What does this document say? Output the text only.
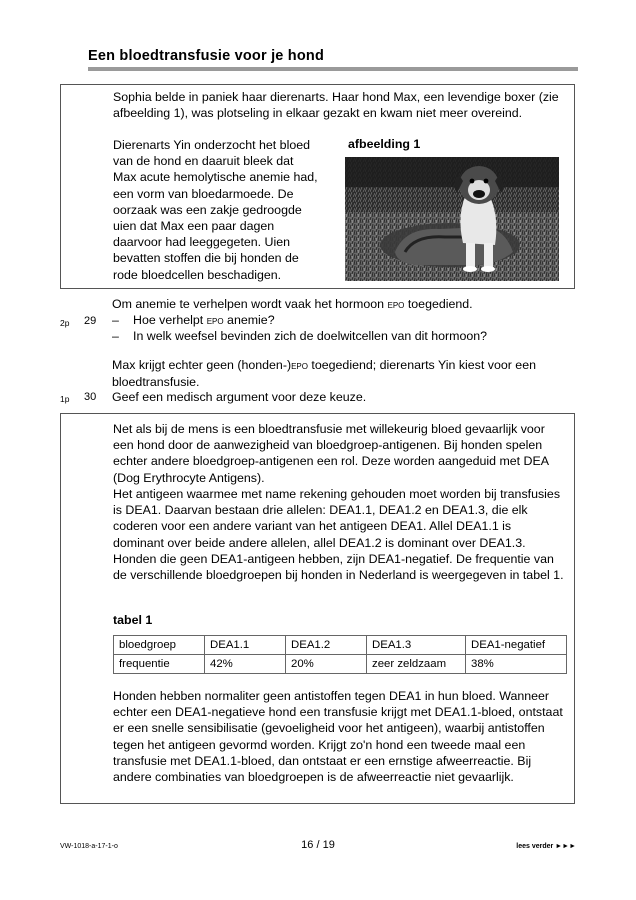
Een bloedtransfusie voor je hond

Sophia belde in paniek haar dierenarts. Haar hond Max, een levendige boxer (zie afbeelding 1), was plotseling in elkaar gezakt en kwam niet meer overeind.

Dierenarts Yin onderzocht het bloed
van de hond en daaruit bleek dat
Max acute hemolytische anemie had,
een vorm van bloedarmoede. De
oorzaak was een zakje gedroogde
uien dat Max een paar dagen
daarvoor had leeggegeten. Uien
bevatten stoffen die bij honden de
rode bloedcellen beschadigen.
afbeelding 1

Om anemie te verhelpen wordt vaak het hormoon epo toegediend.

2p 29 – Hoe verhelpt epo anemie?
– In welk weefsel bevinden zich de doelwitcellen van dit hormoon?

Max krijgt echter geen (honden-)epo toegediend; dierenarts Yin kiest voor een bloedtransfusie.

1p 30 Geef een medisch argument voor deze keuze.

Net als bij de mens is een bloedtransfusie met willekeurig bloed gevaarlijk voor een hond door de aanwezigheid van bloedgroep-antigenen. Bij honden spelen echter andere bloedgroep-antigenen een rol. Deze worden aangeduid met DEA (Dog Erythrocyte Antigens).

Het antigeen waarmee met name rekening gehouden moet worden bij transfusies is DEA1. Daarvan bestaan drie allelen: DEA1.1, DEA1.2 en DEA1.3, die elk coderen voor een andere variant van het antigeen DEA1. Allel DEA1.1 is dominant over beide andere allelen, allel DEA1.2 is dominant over DEA1.3. Honden die geen DEA1-antigeen hebben, zijn DEA1-negatief. De frequentie van de verschillende bloedgroepen bij honden in Nederland is weergegeven in tabel 1.

tabel 1
bloedgroep	DEA1.1	DEA1.2	DEA1.3	DEA1-negatief
frequentie	42%	20%	zeer zeldzaam	38%

Honden hebben normaliter geen antistoffen tegen DEA1 in hun bloed. Wanneer echter een DEA1-negatieve hond een transfusie krijgt met DEA1.1-bloed, ontstaat er een snelle sensibilisatie (gevoeligheid voor het antigeen), waarbij antistoffen tegen het antigeen gevormd worden. Krijgt zo'n hond een tweede maal een transfusie met DEA1.1-bloed, dan ontstaat er een ernstige afweerreactie. Bij andere combinaties van bloedgroepen is de afweerreactie niet gevaarlijk.

VW-1018-a-17-1-o	16 / 19	lees verder ►►►
